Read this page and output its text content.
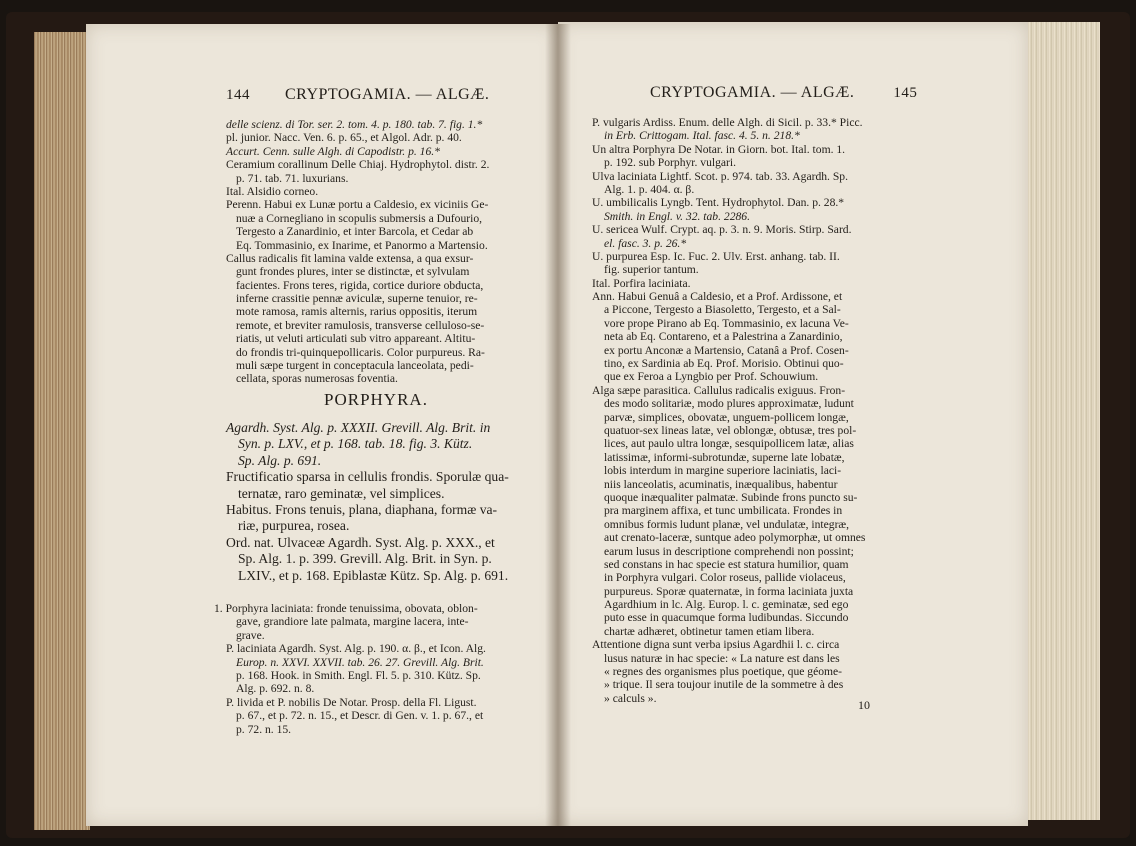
144 CRYPTOGAMIA. — ALGÆ.
delle scienz. di Tor. ser. 2. tom. 4. p. 180. tab. 7. fig. 1.*
pl. junior. Nacc. Ven. 6. p. 65., et Algol. Adr. p. 40.
Accurt. Cenn. sulle Algh. di Capodistr. p. 16.*
Ceramium corallinum Delle Chiaj. Hydrophytol. distr. 2.
p. 71. tab. 71. luxurians.
Ital. Alsidio corneo.
Perenn. Habui ex Lunæ portu a Caldesio, ex viciniis Ge-
nuæ a Corneglianо in scopulis submersis a Dufourio,
Tergesto a Zanardinio, et inter Barcola, et Cedar ab
Eq. Tommasinio, ex Inarime, et Panormo a Martensio.
Callus radicalis fit lamina valde extensa, a qua exsur-
gunt frondes plures, inter se distinctæ, et sylvulam
facientes. Frons teres, rigida, cortice duriore obducta,
inferne crassitie pennæ aviculæ, superne tenuior, re-
mote ramosa, ramis alternis, rarius oppositis, iterum
remote, et breviter ramulosis, transverse celluloso-se-
riatis, ut veluti articulati sub vitro appareant. Altitu-
do frondis tri-quinquepollicaris. Color purpureus. Ra-
muli sæpe turgent in conceptacula lanceolata, pedi-
cellata, sporas numerosas foventia.
PORPHYRA.
Agardh. Syst. Alg. p. XXXII. Grevill. Alg. Brit. in
Syn. p. LXV., et p. 168. tab. 18. fig. 3. Kütz.
Sp. Alg. p. 691.
Fructificatio sparsa in cellulis frondis. Sporulæ qua-
ternatæ, raro geminatæ, vel simplices.
Habitus. Frons tenuis, plana, diaphana, formæ va-
riæ, purpurea, rosea.
Ord. nat. Ulvaceæ Agardh. Syst. Alg. p. XXX., et
Sp. Alg. 1. p. 399. Grevill. Alg. Brit. in Syn. p.
LXIV., et p. 168. Epiblastæ Kütz. Sp. Alg. p. 691.
1. Porphyra laciniata: fronde tenuissima, obovata, oblon-
gave, grandiore late palmata, margine lacera, inte-
grave.
P. laciniata Agardh. Syst. Alg. p. 190. α. β., et Icon. Alg.
Europ. n. XXVI. XXVII. tab. 26. 27. Grevill. Alg. Brit.
p. 168. Hook. in Smith. Engl. Fl. 5. p. 310. Kütz. Sp.
Alg. p. 692. n. 8.
P. livida et P. nobilis De Notar. Prosp. della Fl. Ligust.
p. 67., et p. 72. n. 15., et Descr. di Gen. v. 1. p. 67., et
p. 72. n. 15.
CRYPTOGAMIA. — ALGÆ.	145
P. vulgaris Ardiss. Enum. delle Algh. di Sicil. p. 33.* Picc.
in Erb. Crittogam. Ital. fasc. 4. 5. n. 218.*
Un altra Porphyra De Notar. in Giorn. bot. Ital. tom. 1.
p. 192. sub Porphyr. vulgari.
Ulva laciniata Lightf. Scot. p. 974. tab. 33. Agardh. Sp.
Alg. 1. p. 404. α. β.
U. umbilicalis Lyngb. Tent. Hydrophytol. Dan. p. 28.*
Smith. in Engl. v. 32. tab. 2286.
U. sericea Wulf. Crypt. aq. p. 3. n. 9. Moris. Stirp. Sard.
el. fasc. 3. p. 26.*
U. purpurea Esp. Ic. Fuc. 2. Ulv. Erst. anhang. tab. II.
fig. superior tantum.
Ital. Porfira laciniata.
Ann. Habui Genuâ a Caldesio, et a Prof. Ardissone, et
a Piccone, Tergesto a Biasoletto, Tergesto, et a Sal-
vore prope Pirano ab Eq. Tommasinio, ex lacuna Ve-
neta ab Eq. Contareno, et a Palestrina a Zanardinio,
ex portu Anconæ a Martensio, Catanâ a Prof. Cosen-
tino, ex Sardinia ab Eq. Prof. Morisio. Obtinui quo-
que ex Feroa a Lyngbio per Prof. Schouwium.
Alga sæpe parasitica. Callulus radicalis exiguus. Fron-
des modo solitariæ, modo plures approximatæ, ludunt
parvæ, simplices, obovatæ, unguem-pollicem longæ,
quatuor-sex lineas latæ, vel oblongæ, obtusæ, tres pol-
lices, aut paulo ultra longæ, sesquipollicem latæ, alias
latissimæ, informi-subrotundæ, superne late lobatæ,
lobis interdum in margine superiore laciniatis, laci-
niis lanceolatis, acuminatis, inæqualibus, habentur
quoque inæqualiter palmatæ. Subinde frons puncto su-
pra marginem affixa, et tunc umbilicata. Frondes in
omnibus formis ludunt planæ, vel undulatæ, integræ,
aut crenato-laceræ, suntque adeo polymorphæ, ut omnes
earum lusus in descriptione comprehendi non possint;
sed constans in hac specie est statura humilior, quam
in Porphyra vulgari. Color roseus, pallide violaceus,
purpureus. Sporæ quaternatæ, in forma laciniata juxta
Agardhium in lc. Alg. Europ. l. c. geminatæ, sed ego
puto esse in quacumque forma ludibundas. Siccundo
chartæ adhæret, obtinetur tamen etiam libera.
Attentione digna sunt verba ipsius Agardhii l. c. circa
lusus naturæ in hac specie: « La nature est dans les
« regnes des organismes plus poetique, que géome-
» trique. Il sera toujour inutile de la sommetre à des
» calculs ».	10
